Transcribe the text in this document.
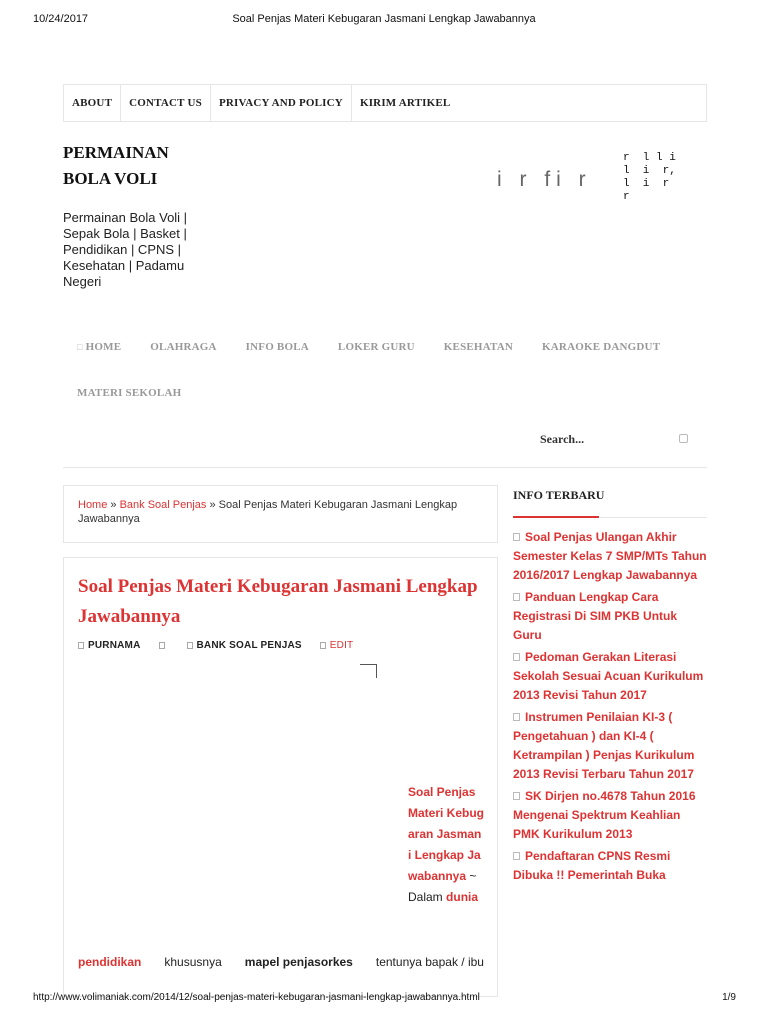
10/24/2017	Soal Penjas Materi Kebugaran Jasmani Lengkap Jawabannya
ABOUT	CONTACT US	PRIVACY AND POLICY	KIRIM ARTIKEL
PERMAINAN BOLA VOLI
Permainan Bola Voli | Sepak Bola | Basket | Pendidikan | CPNS | Kesehatan | Padamu Negeri
i r fi r
r  l l i
l  i  r,
l  i  r
r
□ HOME	OLAHRAGA	INFO BOLA	LOKER GURU	KESEHATAN	KARAOKE DANGDUT
MATERI SEKOLAH
Search...
Home » Bank Soal Penjas » Soal Penjas Materi Kebugaran Jasmani Lengkap Jawabannya
Soal Penjas Materi Kebugaran Jasmani Lengkap Jawabannya
PURNAMA	BANK SOAL PENJAS	EDIT
Soal Penjas Materi Kebugaran Jasmani Lengkap Jawabannya ~ Dalam dunia
pendidikan khususnya mapel penjasorkes tentunya bapak / ibu
INFO TERBARU
Soal Penjas Ulangan Akhir Semester Kelas 7 SMP/MTs Tahun 2016/2017 Lengkap Jawabannya
Panduan Lengkap Cara Registrasi Di SIM PKB Untuk Guru
Pedoman Gerakan Literasi Sekolah Sesuai Acuan Kurikulum 2013 Revisi Tahun 2017
Instrumen Penilaian KI-3 ( Pengetahuan ) dan KI-4 ( Ketrampilan ) Penjas Kurikulum 2013 Revisi Terbaru Tahun 2017
SK Dirjen no.4678 Tahun 2016 Mengenai Spektrum Keahlian PMK Kurikulum 2013
Pendaftaran CPNS Resmi Dibuka !! Pemerintah Buka
http://www.volimaniak.com/2014/12/soal-penjas-materi-kebugaran-jasmani-lengkap-jawabannya.html	1/9
